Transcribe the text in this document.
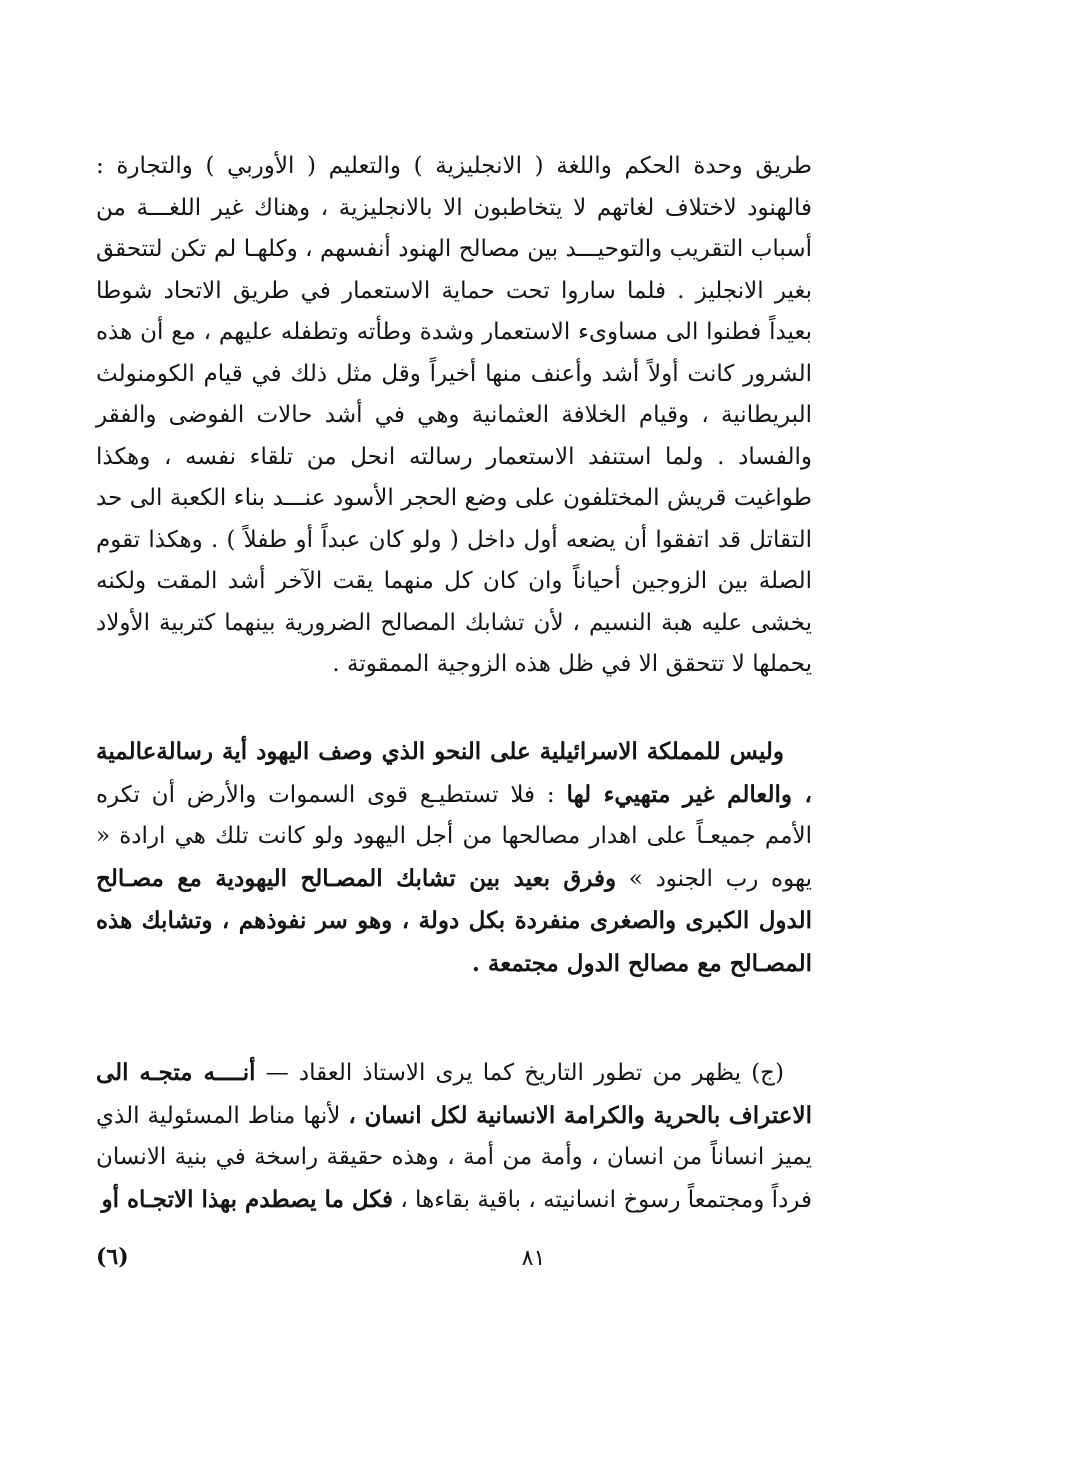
طريق وحدة الحكم واللغة ( الانجليزية ) والتعليم ( الأوربي ) والتجارة : فالهنود لاختلاف لغاتهم لا يتخاطبون الا بالانجليزية ، وهناك غير اللغـــة من أسباب التقريب والتوحيـــد بين مصالح الهنود أنفسهم ، وكلهـا لم تكن لتتحقق بغير الانجليز . فلما ساروا تحت حماية الاستعمار في طريق الاتحاد شوطا بعيداً فطنوا الى مساوىء الاستعمار وشدة وطأته وتطفله عليهم ، مع أن هذه الشرور كانت أولاً أشد وأعنف منها أخيراً وقل مثل ذلك في قيام الكومنولث البريطانية ، وقيام الخلافة العثمانية وهي في أشد حالات الفوضى والفقر والفساد . ولما استنفد الاستعمار رسالته انحل من تلقاء نفسه ، وهكذا طواغيت قريش المختلفون على وضع الحجر الأسود عنـــد بناء الكعبة الى حد التقاتل قد اتفقوا أن يضعه أول داخل ( ولو كان عبداً أو طفلاً ) . وهكذا تقوم الصلة بين الزوجين أحياناً وان كان كل منهما يقت الآخر أشد المقت ولكنه يخشى عليه هبة النسيم ، لأن تشابك المصالح الضرورية بينهما كتربية الأولاد يحملها لا تتحقق الا في ظل هذه الزوجية الممقوتة .

وليس للمملكة الاسرائيلية على النحو الذي وصف اليهود أية رسالةعالمية ، والعالم غير متهييء لها : فلا تستطيـع قوى السموات والأرض أن تكره الأمم جميعـاً على اهدار مصالحها من أجل اليهود ولو كانت تلك هي ارادة « يهوه رب الجنود » وفرق بعيد بين تشابك المصـالح اليهودية مع مصـالح الدول الكبرى والصغرى منفردة بكل دولة ، وهو سر نفوذهم ، وتشابك هذه المصـالح مع مصالح الدول مجتمعة .

(ج) يظهر من تطور التاريخ كما يرى الاستاذ العقاد — أنــــه متجـه الى الاعتراف بالحرية والكرامة الانسانية لكل انسان ، لأنها مناط المسئولية الذي يميز انساناً من انسان ، وأمة من أمة ، وهذه حقيقة راسخة في بنية الانسان فرداً ومجتمعاً رسوخ انسانيته ، باقية بقاءها ، فكل ما يصطدم بهذا الاتجـاه أو

٨١
(٦)
